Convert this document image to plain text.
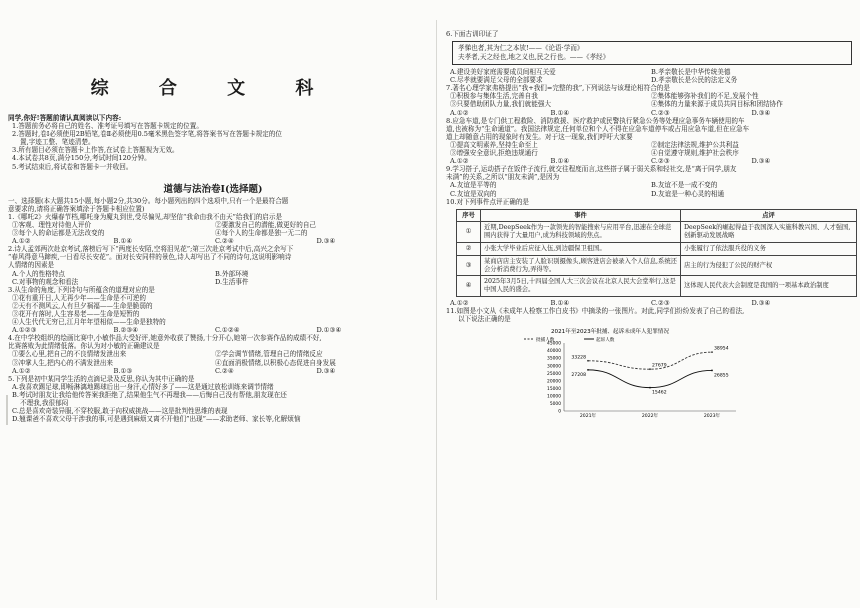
综 合 文 科

同学,你好!答题前请认真阅读以下内容:

1.答题前务必将自己的姓名、准考证号填写在答题卡规定的位置。

2.答题时,卷Ⅰ必须使用2B铅笔,卷Ⅱ必须使用0.5毫米黑色签字笔,将答案书写在答题卡规定的位

置,字迹工整、笔迹清楚。

3.所有题目必须在答题卡上作答,在试卷上答题视为无效。

4.本试卷共8页,满分150分,考试时间120分钟。

5.考试结束后,将试卷和答题卡一并收回。

道德与法治卷Ⅰ(选择题)

一、选择题(本大题共15小题,每小题2分,共30分。每小题列出的四个选项中,只有一个是最符合题

意要求的,请将正确答案填涂于答题卡相应位置)

1.《哪吒2》火爆春节档,哪吒身为魔丸到世,受尽偏见,却坚信“我命由我不由天”给我们的启示是

①客观、理性对待他人评价	②要激发自己的潜能,做更好的自己
③每个人的命运都是无法改变的	④每个人的生命都是独一无二的
A.①②	B.①④	C.②④	D.③④

2.诗人孟郊两次赴京考试,落榜后写下“两度长安陌,空将泪见花”;第三次赴京考试中后,高兴之余写下

“春风得意马蹄疾,一日看尽长安花”。面对长安同样的景色,诗人却写出了不同的诗句,这说明影响诗

人情绪的因素是

A.个人的性格特点	B.外部环境
C.对事物的观念和看法	D.生活事件

3.从生命的角度,下列诗句与所蕴含的道理对应的是

①花有重开日,人无再少年——生命是不可逆的

②天有不测风云,人有旦夕祸福——生命是脆弱的

③花开有落时,人生容易老——生命是短暂的

④人生代代无穷已,江月年年望相似——生命是独特的

A.①②③	B.②③④	C.①②④	D.①③④

4.在中学校组织的绘画比赛中,小敏作品大受好评,她意外收获了赞扬,十分开心,她第一次参赛作品的成绩不好,

比赛落败为此情绪低落。你认为对小敏的正确建议是

①要么心里,把自己的不良情绪发泄出来	②学会调节情绪,管理自己的情绪反应
③冲掌人生,把内心的不满发泄出来	④直面消极情绪,以积极心态促进自身发展
A.①②	B.①③	C.②④	D.③④

5.下列是初中某同学生活的点滴记录及反思,你认为其中正确的是

A.我喜欢踢足球,即畅淋漓地踢球后出一身汗,心情好多了——这是通过放松训练来调节情绪

B.考试时朋友让我给他传答案我拒绝了,结果他生气不再理我——后悔自己没有帮他,朋友现在还

不理我,我很郁闷

C.总是喜欢奇装异服,不穿校服,敢于向权威挑战——这是批判性思维的表现

D.翘课爸不喜欢父母干涉我的事,可是遇到麻烦又离不开他们”出现”——求助老师、家长等,化解烦恼

6.下面古训印证了

孝悌也者,其为仁之本欤!——《论语·学而》

夫孝者,天之经也,地之义也,民之行也。——《孝经》

A.建设美好家庭需要成员间相互关爱	B.孝亲敬长是中华传统美德
C.尽孝就要满足父母的全部要求	D.孝亲敬长是公民的法定义务

7.著名心理学家弗格提出“我+我们=完整的我”,下列说法与该理论相符合的是

①积极参与集体生活,完善自我	②集体能够弥补我们的不足,发展个性
③只要借助团队力量,我们就能强大	④集体的力量来源于成员共同目标和团结协作
A.①②	B.①④	C.②③	D.③④

8.应急车道,是专门供工程救险、消防救援、医疗救护或民警执行紧急公务等处理应急事务车辆使用的车

道,也被称为“生命通道”。我国法律规定,任何单位和个人不得在应急车道停车或占用应急车道,但在应急车

道上却随意占用的现象时有发生。对于这一现象,我们呼吁大家要

①提高文明素养,坚持生命至上	②制定法律法规,维护公共利益
③增强安全意识,拒绝违规通行	④自觉遵守规则,维护社会秩序
A.①②	B.①④	C.②③	D.③④

9.学习搭子,运动搭子在饭伴子流行,就交往程度而言,这些搭子属于弱关系和轻社交,是“离于同学,朋友

未满”的关系,之所以“朋友未满”,是因为

A.友谊是平等的	B.友谊不是一成不变的
C.友谊是双向的	D.友谊是一种心灵的相通

10.对下列事件点评正确的是

序号	事件	点评
①	近期,DeepSeek作为一款领先的智能搜索与应用平台,迅速在全球范围内获得了大量用户,成为科技领域的焦点。	DeepSeek的崛起得益于我国深入实施科教兴国、人才强国,创新驱动发展战略
②	小张大学毕业后应征入伍,到边疆保卫祖国。	小张履行了依法服兵役的义务
③	某商店店主安装了人脸识别摄像头,顾客进店会被录入个人信息,系统还会分析消费行为,弄得等。	店主的行为侵犯了公民的财产权
④	2025年3月5日,十四届全国人大三次会议在北京人民大会堂举行,这是中国人民的盛会。	这体现人民代表大会制度是我国的一项基本政治制度
A.①②	B.①④	C.②③	D.③④

11.如图是小文从《未成年人检察工作白皮书》中摘录的一张图片。对此,同学们纷纷发表了自己的看法,

以下说法正确的是

2021年至2023年批捕、起诉未成年人犯罪情况
批捕人数	起诉人数
0
5000
10000
15000
20000
25000
30000
35000
40000
45000
2021年	2022年	2023年
33228
27679
38954
27208
15462
26855
